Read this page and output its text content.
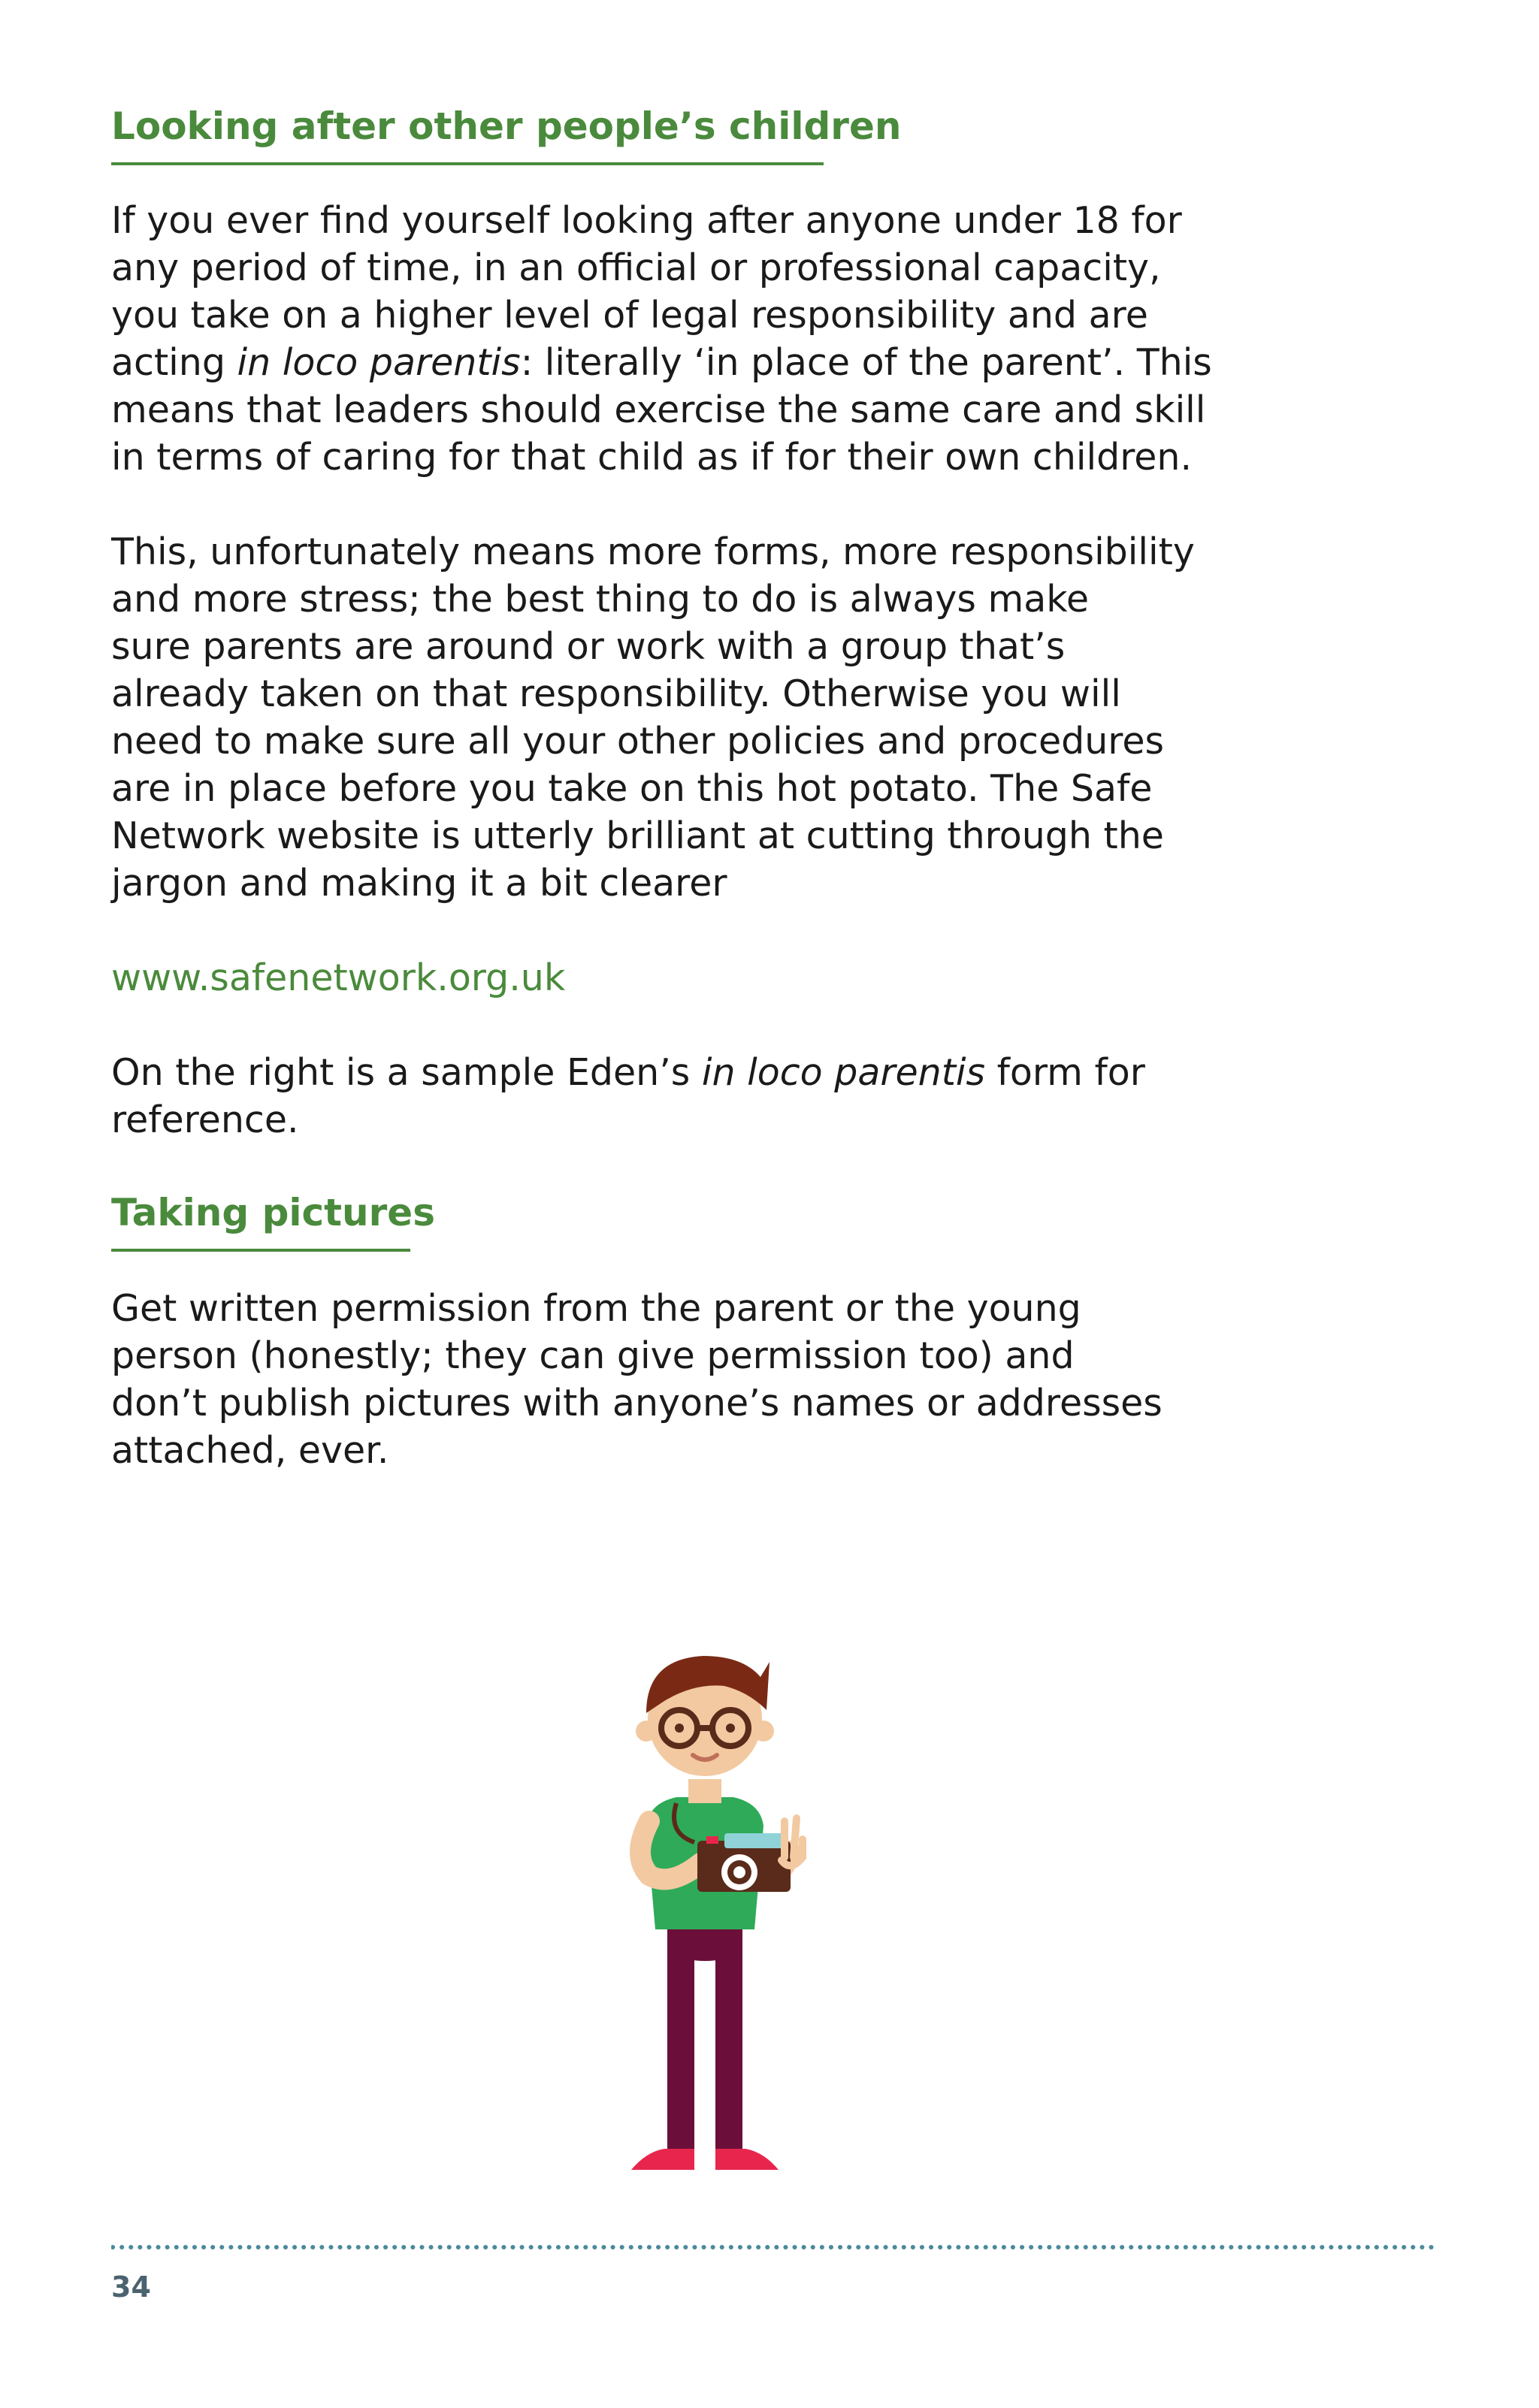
Looking after other people’s children

If you ever find yourself looking after anyone under 18 for
any period of time, in an official or professional capacity,
you take on a higher level of legal responsibility and are
acting in loco parentis: literally ‘in place of the parent’. This
means that leaders should exercise the same care and skill
in terms of caring for that child as if for their own children.

This, unfortunately means more forms, more responsibility
and more stress; the best thing to do is always make
sure parents are around or work with a group that’s
already taken on that responsibility. Otherwise you will
need to make sure all your other policies and procedures
are in place before you take on this hot potato. The Safe
Network website is utterly brilliant at cutting through the
jargon and making it a bit clearer

www.safenetwork.org.uk

On the right is a sample Eden’s in loco parentis form for
reference.

Taking pictures

Get written permission from the parent or the young
person (honestly; they can give permission too) and
don’t publish pictures with anyone’s names or addresses
attached, ever.

34
